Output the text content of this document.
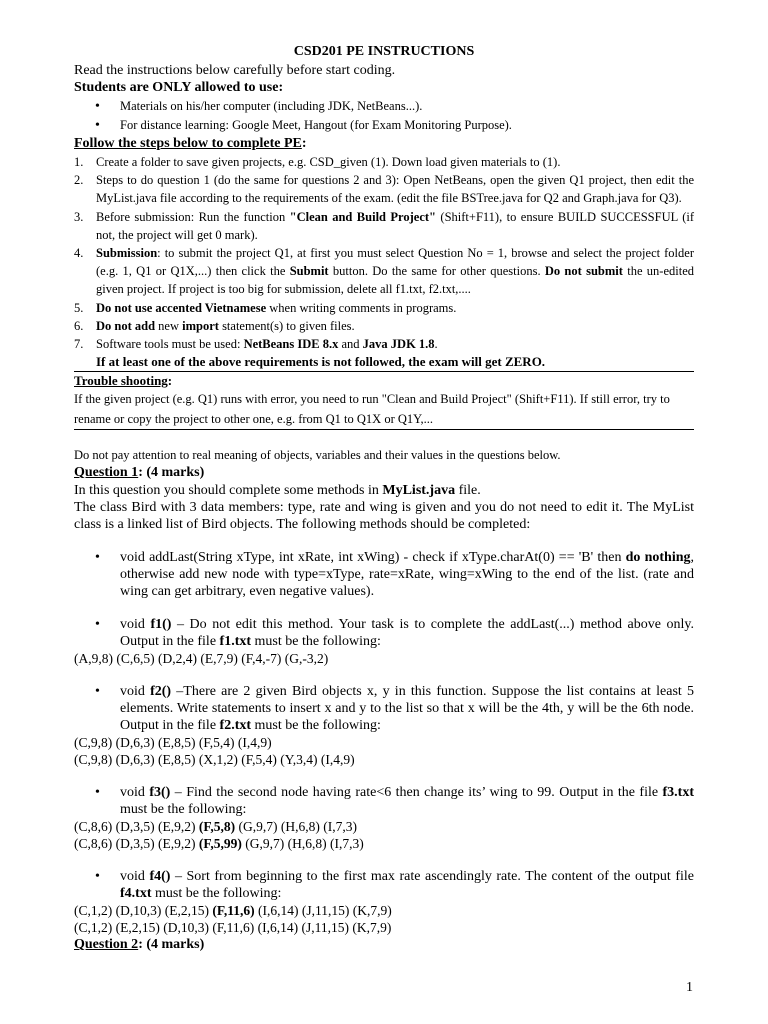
CSD201 PE INSTRUCTIONS

Read the instructions below carefully before start coding.

Students are ONLY allowed to use:

• Materials on his/her computer (including JDK, NetBeans...).
• For distance learning: Google Meet, Hangout (for Exam Monitoring Purpose).

Follow the steps below to complete PE:

1. Create a folder to save given projects, e.g. CSD_given (1). Down load given materials to (1).
2. Steps to do question 1 (do the same for questions 2 and 3): Open NetBeans, open the given Q1 project, then edit the MyList.java file according to the requirements of the exam. (edit the file BSTree.java for Q2 and Graph.java for Q3).
3. Before submission: Run the function "Clean and Build Project" (Shift+F11), to ensure BUILD SUCCESSFUL (if not, the project will get 0 mark).
4. Submission: to submit the project Q1, at first you must select Question No = 1, browse and select the project folder (e.g. 1, Q1 or Q1X,...) then click the Submit button. Do the same for other questions. Do not submit the un-edited given project. If project is too big for submission, delete all f1.txt, f2.txt,....
5. Do not use accented Vietnamese when writing comments in programs.
6. Do not add new import statement(s) to given files.
7. Software tools must be used: NetBeans IDE 8.x and Java JDK 1.8.

If at least one of the above requirements is not followed, the exam will get ZERO.

Trouble shooting:

If the given project (e.g. Q1) runs with error, you need to run "Clean and Build Project" (Shift+F11). If still error, try to rename or copy the project to other one, e.g. from Q1 to Q1X or Q1Y,...

Do not pay attention to real meaning of objects, variables and their values in the questions below.

Question 1: (4 marks)

In this question you should complete some methods in MyList.java file.

The class Bird with 3 data members: type, rate and wing is given and you do not need to edit it. The MyList class is a linked list of Bird objects. The following methods should be completed:

• void addLast(String xType, int xRate, int xWing) - check if xType.charAt(0) == 'B' then do nothing, otherwise add new node with type=xType, rate=xRate, wing=xWing to the end of the list. (rate and wing can get arbitrary, even negative values).

• void f1() – Do not edit this method. Your task is to complete the addLast(...) method above only. Output in the file f1.txt must be the following:

(A,9,8) (C,6,5) (D,2,4) (E,7,9) (F,4,-7) (G,-3,2)

• void f2() –There are 2 given Bird objects x, y in this function. Suppose the list contains at least 5 elements. Write statements to insert x and y to the list so that x will be the 4th, y will be the 6th node. Output in the file f2.txt must be the following:

(C,9,8) (D,6,3) (E,8,5) (F,5,4) (I,4,9)

(C,9,8) (D,6,3) (E,8,5) (X,1,2) (F,5,4) (Y,3,4) (I,4,9)

• void f3() – Find the second node having rate<6 then change its’ wing to 99. Output in the file f3.txt must be the following:

(C,8,6) (D,3,5) (E,9,2) (F,5,8) (G,9,7) (H,6,8) (I,7,3)

(C,8,6) (D,3,5) (E,9,2) (F,5,99) (G,9,7) (H,6,8) (I,7,3)

• void f4() – Sort from beginning to the first max rate ascendingly rate. The content of the output file f4.txt must be the following:

(C,1,2) (D,10,3) (E,2,15) (F,11,6) (I,6,14) (J,11,15) (K,7,9)

(C,1,2) (E,2,15) (D,10,3) (F,11,6) (I,6,14) (J,11,15) (K,7,9)

Question 2: (4 marks)

1
